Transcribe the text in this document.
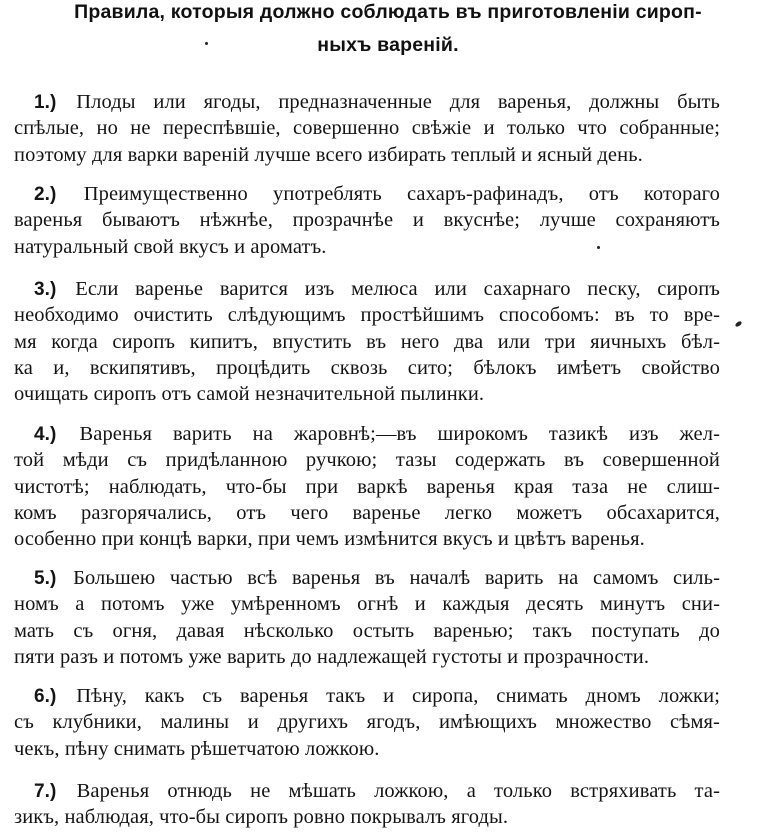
Правила, которыя должно соблюдать въ приготовленіи сироп-
ныхъ вареній.
1.) Плоды или ягоды, предназначенные для варенья, должны быть
спѣлые, но не переспѣвшіе, совершенно свѣжіе и только что собранные;
поэтому для варки вареній лучше всего избирать теплый и ясный день.
2.) Преимущественно употреблять сахаръ-рафинадъ, отъ котораго
варенья бываютъ нѣжнѣе, прозрачнѣе и вкуснѣе; лучше сохраняютъ
натуральный свой вкусъ и ароматъ.
3.) Если варенье варится изъ мелюса или сахарнаго песку, сиропъ
необходимо очистить слѣдующимъ простѣйшимъ способомъ: въ то вре-
мя когда сиропъ кипитъ, впустить въ него два или три яичныхъ бѣл-
ка и, вскипятивъ, процѣдить сквозь сито; бѣлокъ имѣетъ свойство
очищать сиропъ отъ самой незначительной пылинки.
4.) Варенья варить на жаровнѣ;—въ широкомъ тазикѣ изъ жел-
той мѣди съ придѣланною ручкою; тазы содержать въ совершенной
чистотѣ; наблюдать, что-бы при варкѣ варенья края таза не слиш-
комъ разгорячались, отъ чего варенье легко можетъ обсахарится,
особенно при концѣ варки, при чемъ измѣнится вкусъ и цвѣтъ варенья.
5.) Большею частью всѣ варенья въ началѣ варить на самомъ силь-
номъ а потомъ уже умѣренномъ огнѣ и каждыя десять минутъ сни-
мать съ огня, давая нѣсколько остыть варенью; такъ поступать до
пяти разъ и потомъ уже варить до надлежащей густоты и прозрачности.
6.) Пѣну, какъ съ варенья такъ и сиропа, снимать дномъ ложки;
съ клубники, малины и другихъ ягодъ, имѣющихъ множество сѣмя-
чекъ, пѣну снимать рѣшетчатою ложкою.
7.) Варенья отнюдь не мѣшать ложкою, а только встряхивать та-
зикъ, наблюдая, что-бы сиропъ ровно покрывалъ ягоды.
